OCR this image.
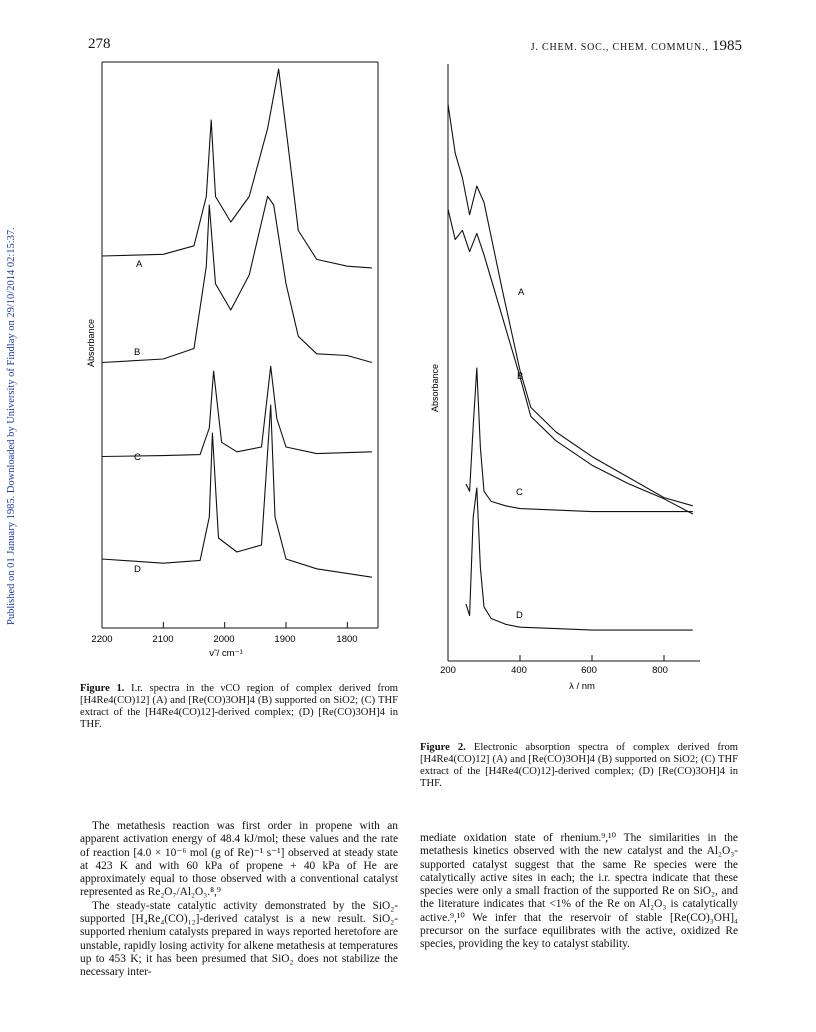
278	J. CHEM. SOC., CHEM. COMMUN., 1985
Published on 01 January 1985. Downloaded by University of Findlay on 29/10/2014 02:15:37.
2200	2100	2000	1900	1800
ν̃ / cm⁻¹
Absorbance
A
B
C
D
Figure 1. I.r. spectra in the νCO region of complex derived from [H4Re4(CO)12] (A) and [Re(CO)3OH]4 (B) supported on SiO2; (C) THF extract of the [H4Re4(CO)12]-derived complex; (D) [Re(CO)3OH]4 in THF.
200	400	600	800
λ / nm
Absorbance
A
B
C
D
Figure 2. Electronic absorption spectra of complex derived from [H4Re4(CO)12] (A) and [Re(CO)3OH]4 (B) supported on SiO2; (C) THF extract of the [H4Re4(CO)12]-derived complex; (D) [Re(CO)3OH]4 in THF.

The metathesis reaction was first order in propene with an apparent activation energy of 48.4 kJ/mol; these values and the rate of reaction [4.0 × 10⁻⁶ mol (g of Re)⁻¹ s⁻¹] observed at steady state at 423 K and with 60 kPa of propene + 40 kPa of He are approximately equal to those observed with a conventional catalyst represented as Re₂O₇/Al₂O₃.⁸,⁹

The steady-state catalytic activity demonstrated by the SiO₂-supported [H₄Re₄(CO)₁₂]-derived catalyst is a new result. SiO₂-supported rhenium catalysts prepared in ways reported heretofore are unstable, rapidly losing activity for alkene metathesis at temperatures up to 453 K; it has been presumed that SiO₂ does not stabilize the necessary inter-

mediate oxidation state of rhenium.⁹,¹⁰ The similarities in the metathesis kinetics observed with the new catalyst and the Al₂O₃-supported catalyst suggest that the same Re species were the catalytically active sites in each; the i.r. spectra indicate that these species were only a small fraction of the supported Re on SiO₂, and the literature indicates that <1% of the Re on Al₂O₃ is catalytically active.⁹,¹⁰ We infer that the reservoir of stable [Re(CO)₃OH]₄ precursor on the surface equilibrates with the active, oxidized Re species, providing the key to catalyst stability.
